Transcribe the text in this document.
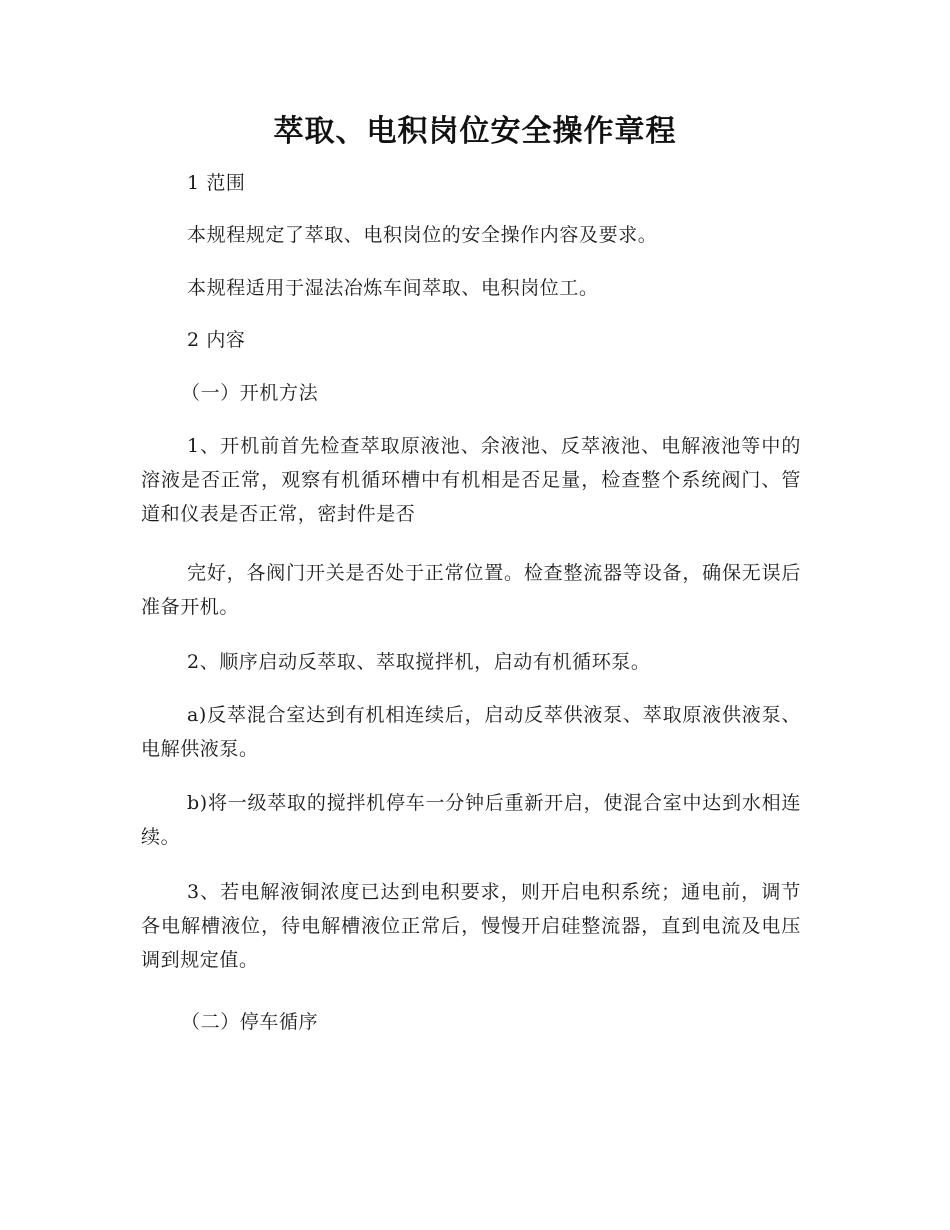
萃取、电积岗位安全操作章程
1 范围
本规程规定了萃取、电积岗位的安全操作内容及要求。
本规程适用于湿法冶炼车间萃取、电积岗位工。
2 内容
（一）开机方法
1、开机前首先检查萃取原液池、余液池、反萃液池、电解液池等中的溶液是否正常，观察有机循环槽中有机相是否足量，检查整个系统阀门、管道和仪表是否正常，密封件是否
完好，各阀门开关是否处于正常位置。检查整流器等设备，确保无误后准备开机。
2、顺序启动反萃取、萃取搅拌机，启动有机循环泵。
a)反萃混合室达到有机相连续后，启动反萃供液泵、萃取原液供液泵、电解供液泵。
b)将一级萃取的搅拌机停车一分钟后重新开启，使混合室中达到水相连续。
3、若电解液铜浓度已达到电积要求，则开启电积系统；通电前，调节各电解槽液位，待电解槽液位正常后，慢慢开启硅整流器，直到电流及电压调到规定值。
（二）停车循序
